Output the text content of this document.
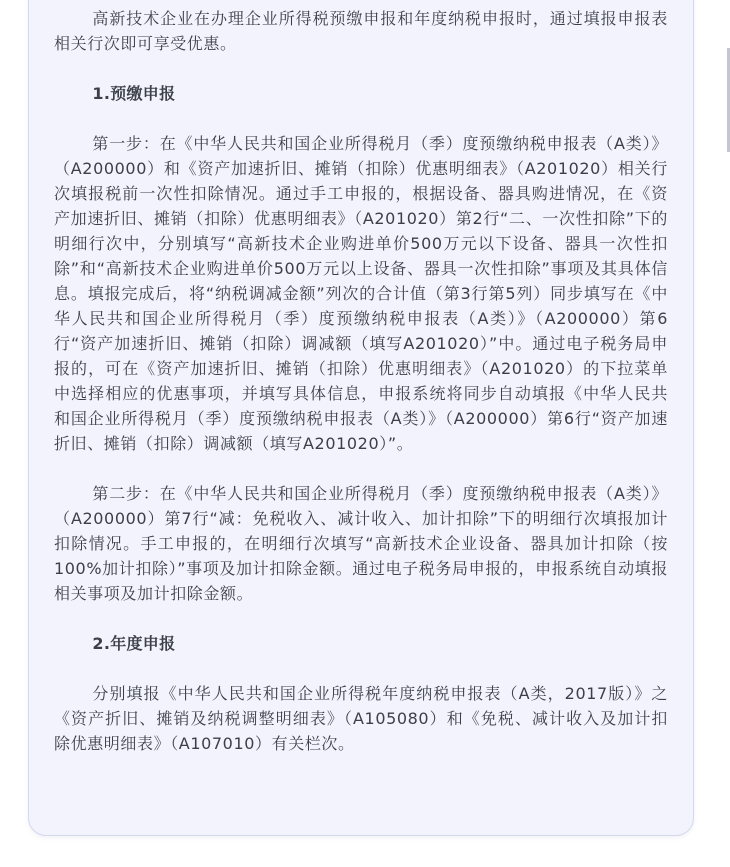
高新技术企业在办理企业所得税预缴申报和年度纳税申报时，通过填报申报表相关行次即可享受优惠。

1.预缴申报

第一步：在《中华人民共和国企业所得税月（季）度预缴纳税申报表（A类）》（A200000）和《资产加速折旧、摊销（扣除）优惠明细表》（A201020）相关行次填报税前一次性扣除情况。通过手工申报的，根据设备、器具购进情况，在《资产加速折旧、摊销（扣除）优惠明细表》（A201020）第2行“二、一次性扣除”下的明细行次中，分别填写“高新技术企业购进单价500万元以下设备、器具一次性扣除”和“高新技术企业购进单价500万元以上设备、器具一次性扣除”事项及其具体信息。填报完成后，将“纳税调减金额”列次的合计值（第3行第5列）同步填写在《中华人民共和国企业所得税月（季）度预缴纳税申报表（A类）》（A200000）第6行“资产加速折旧、摊销（扣除）调减额（填写A201020）”中。通过电子税务局申报的，可在《资产加速折旧、摊销（扣除）优惠明细表》（A201020）的下拉菜单中选择相应的优惠事项，并填写具体信息，申报系统将同步自动填报《中华人民共和国企业所得税月（季）度预缴纳税申报表（A类）》（A200000）第6行“资产加速折旧、摊销（扣除）调减额（填写A201020）”。

第二步：在《中华人民共和国企业所得税月（季）度预缴纳税申报表（A类）》（A200000）第7行“减：免税收入、减计收入、加计扣除”下的明细行次填报加计扣除情况。手工申报的，在明细行次填写“高新技术企业设备、器具加计扣除（按100%加计扣除）”事项及加计扣除金额。通过电子税务局申报的，申报系统自动填报相关事项及加计扣除金额。

2.年度申报

分别填报《中华人民共和国企业所得税年度纳税申报表（A类，2017版）》之《资产折旧、摊销及纳税调整明细表》（A105080）和《免税、减计收入及加计扣除优惠明细表》（A107010）有关栏次。
